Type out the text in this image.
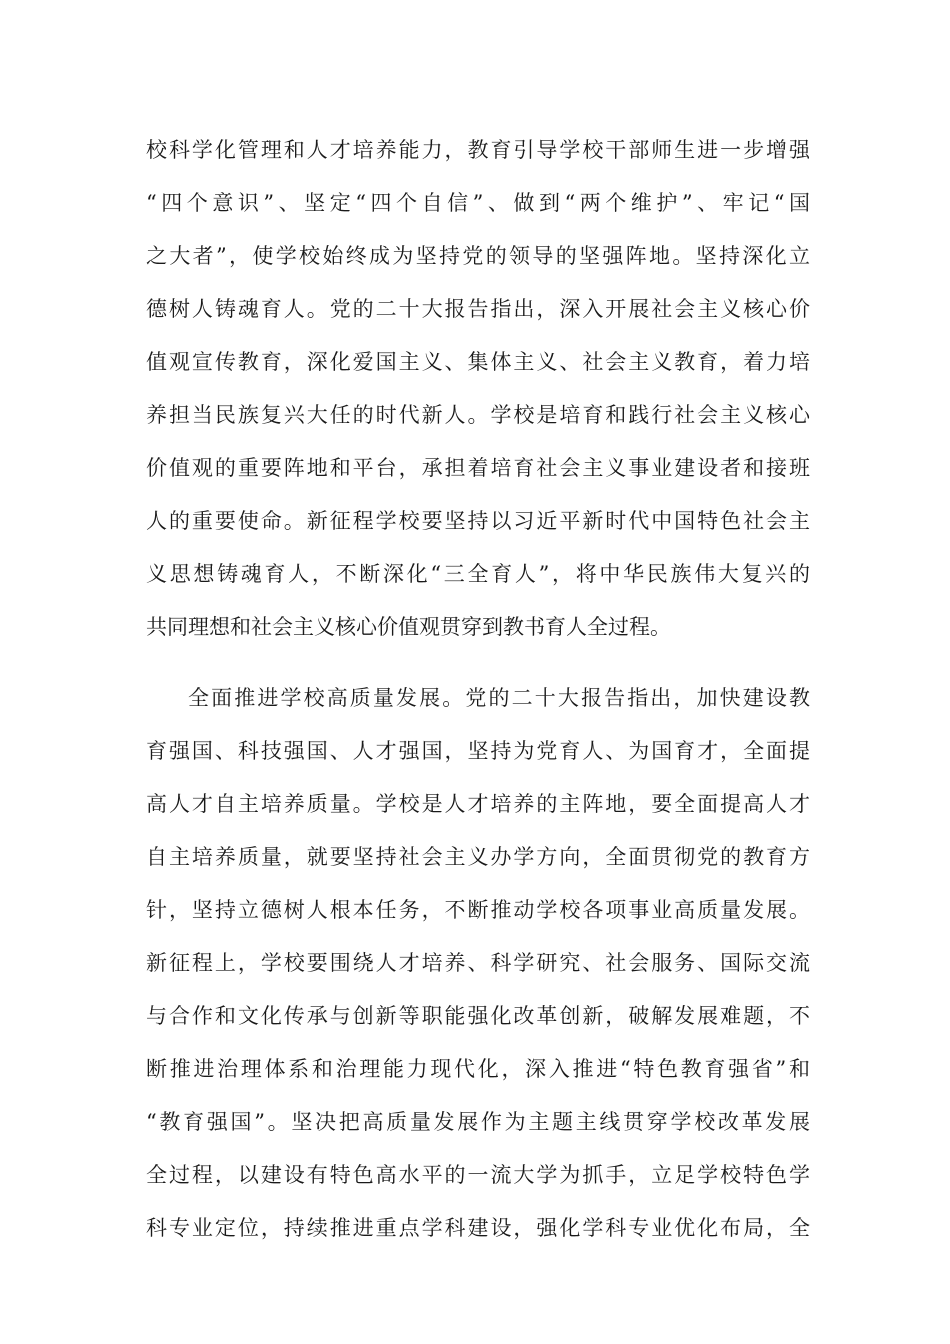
校科学化管理和人才培养能力，教育引导学校干部师生进一步增强
“四个意识”、坚定“四个自信”、做到“两个维护”、牢记“国
之大者”，使学校始终成为坚持党的领导的坚强阵地。坚持深化立
德树人铸魂育人。党的二十大报告指出，深入开展社会主义核心价
值观宣传教育，深化爱国主义、集体主义、社会主义教育，着力培
养担当民族复兴大任的时代新人。学校是培育和践行社会主义核心
价值观的重要阵地和平台，承担着培育社会主义事业建设者和接班
人的重要使命。新征程学校要坚持以习近平新时代中国特色社会主
义思想铸魂育人，不断深化“三全育人”，将中华民族伟大复兴的
共同理想和社会主义核心价值观贯穿到教书育人全过程。
全面推进学校高质量发展。党的二十大报告指出，加快建设教
育强国、科技强国、人才强国，坚持为党育人、为国育才，全面提
高人才自主培养质量。学校是人才培养的主阵地，要全面提高人才
自主培养质量，就要坚持社会主义办学方向，全面贯彻党的教育方
针，坚持立德树人根本任务，不断推动学校各项事业高质量发展。
新征程上，学校要围绕人才培养、科学研究、社会服务、国际交流
与合作和文化传承与创新等职能强化改革创新，破解发展难题，不
断推进治理体系和治理能力现代化，深入推进“特色教育强省”和
“教育强国”。坚决把高质量发展作为主题主线贯穿学校改革发展
全过程，以建设有特色高水平的一流大学为抓手，立足学校特色学
科专业定位，持续推进重点学科建设，强化学科专业优化布局，全
